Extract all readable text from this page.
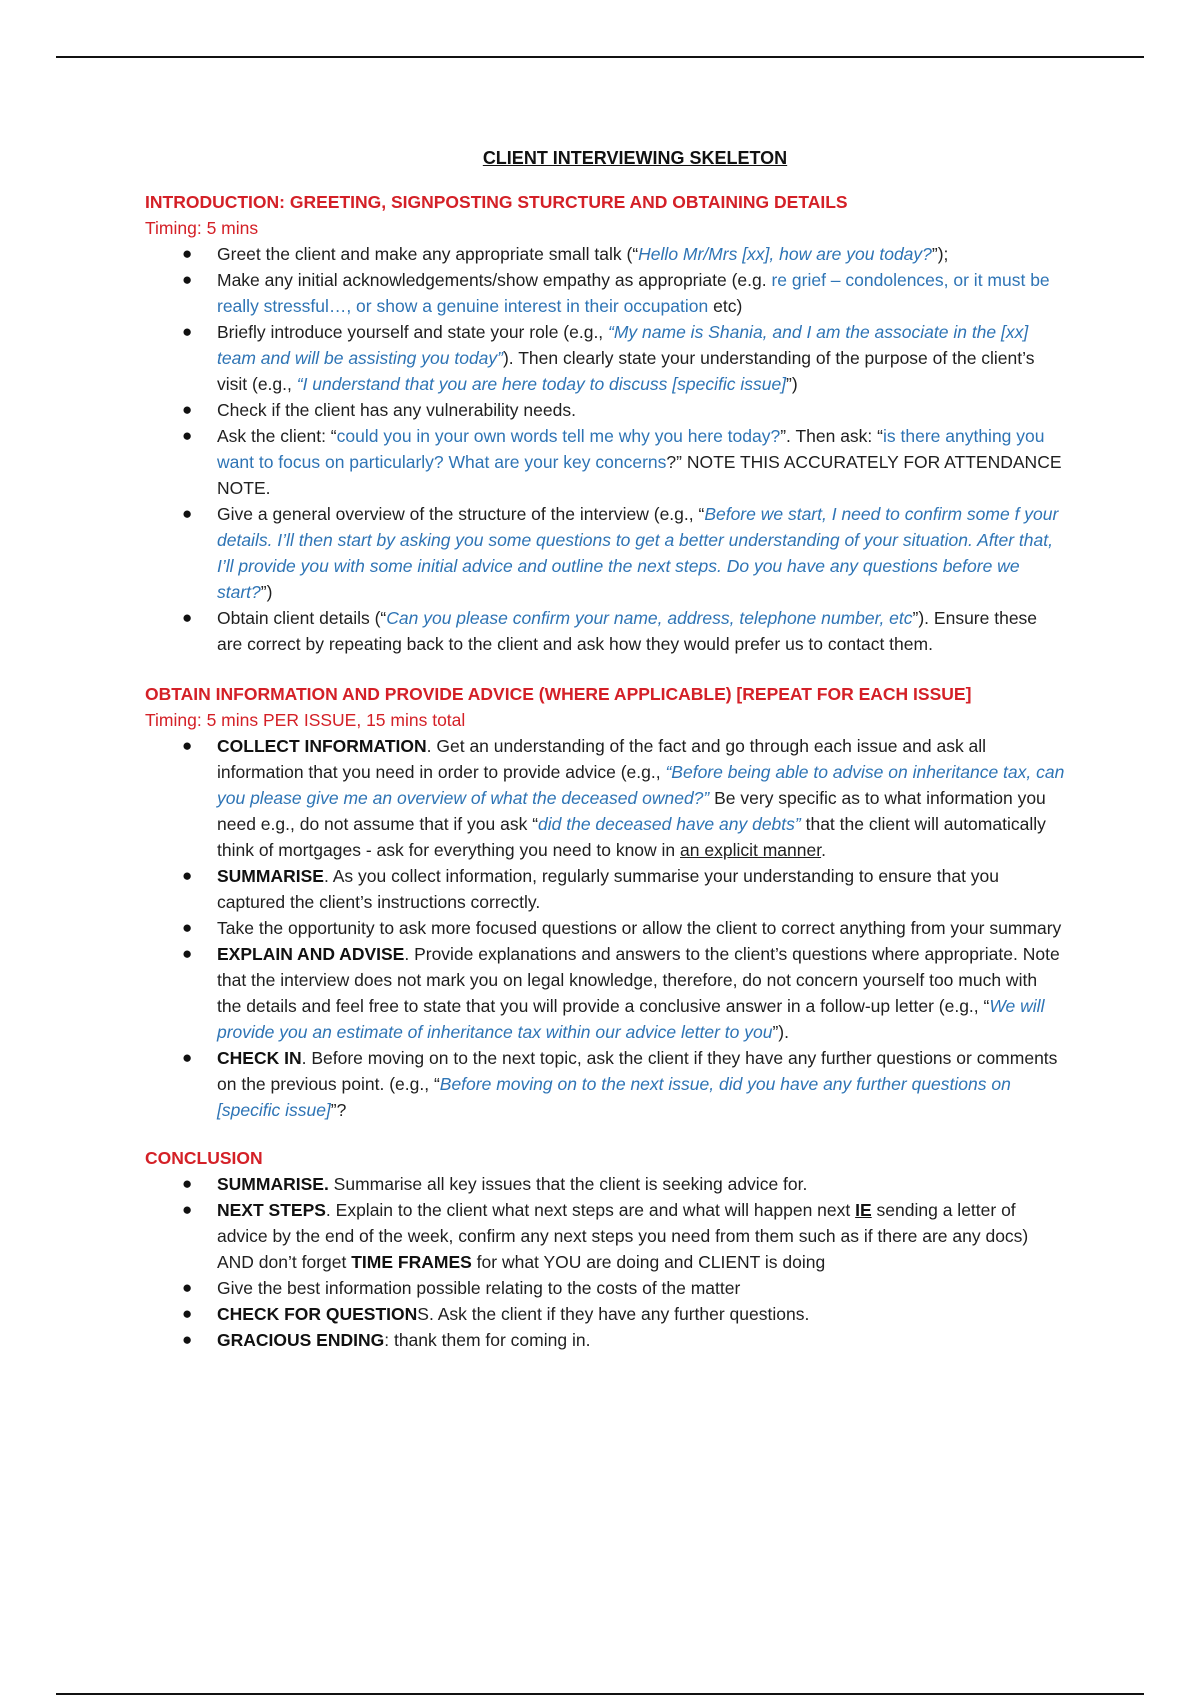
CLIENT INTERVIEWING SKELETON

INTRODUCTION: GREETING, SIGNPOSTING STURCTURE AND OBTAINING DETAILS

Timing: 5 mins

● Greet the client and make any appropriate small talk (“Hello Mr/Mrs [xx], how are you today?”);
● Make any initial acknowledgements/show empathy as appropriate (e.g. re grief – condolences, or it must be really stressful…, or show a genuine interest in their occupation etc)
● Briefly introduce yourself and state your role (e.g., “My name is Shania, and I am the associate in the [xx] team and will be assisting you today”). Then clearly state your understanding of the purpose of the client’s visit (e.g., “I understand that you are here today to discuss [specific issue]”)
● Check if the client has any vulnerability needs.
● Ask the client: “could you in your own words tell me why you here today?”. Then ask: “is there anything you want to focus on particularly? What are your key concerns?” NOTE THIS ACCURATELY FOR ATTENDANCE NOTE.
● Give a general overview of the structure of the interview (e.g., “Before we start, I need to confirm some f your details. I’ll then start by asking you some questions to get a better understanding of your situation. After that, I’ll provide you with some initial advice and outline the next steps. Do you have any questions before we start?”)
● Obtain client details (“Can you please confirm your name, address, telephone number, etc”). Ensure these are correct by repeating back to the client and ask how they would prefer us to contact them.

OBTAIN INFORMATION AND PROVIDE ADVICE (WHERE APPLICABLE) [REPEAT FOR EACH ISSUE]

Timing: 5 mins PER ISSUE, 15 mins total

● COLLECT INFORMATION. Get an understanding of the fact and go through each issue and ask all information that you need in order to provide advice (e.g., “Before being able to advise on inheritance tax, can you please give me an overview of what the deceased owned?” Be very specific as to what information you need e.g., do not assume that if you ask “did the deceased have any debts” that the client will automatically think of mortgages - ask for everything you need to know in an explicit manner.
● SUMMARISE. As you collect information, regularly summarise your understanding to ensure that you captured the client’s instructions correctly.
● Take the opportunity to ask more focused questions or allow the client to correct anything from your summary
● EXPLAIN AND ADVISE. Provide explanations and answers to the client’s questions where appropriate. Note that the interview does not mark you on legal knowledge, therefore, do not concern yourself too much with the details and feel free to state that you will provide a conclusive answer in a follow-up letter (e.g., “We will provide you an estimate of inheritance tax within our advice letter to you”).
● CHECK IN. Before moving on to the next topic, ask the client if they have any further questions or comments on the previous point. (e.g., “Before moving on to the next issue, did you have any further questions on [specific issue]”?

CONCLUSION

● SUMMARISE. Summarise all key issues that the client is seeking advice for.
● NEXT STEPS. Explain to the client what next steps are and what will happen next IE sending a letter of advice by the end of the week, confirm any next steps you need from them such as if there are any docs) AND don’t forget TIME FRAMES for what YOU are doing and CLIENT is doing
● Give the best information possible relating to the costs of the matter
● CHECK FOR QUESTIONS. Ask the client if they have any further questions.
● GRACIOUS ENDING: thank them for coming in.
